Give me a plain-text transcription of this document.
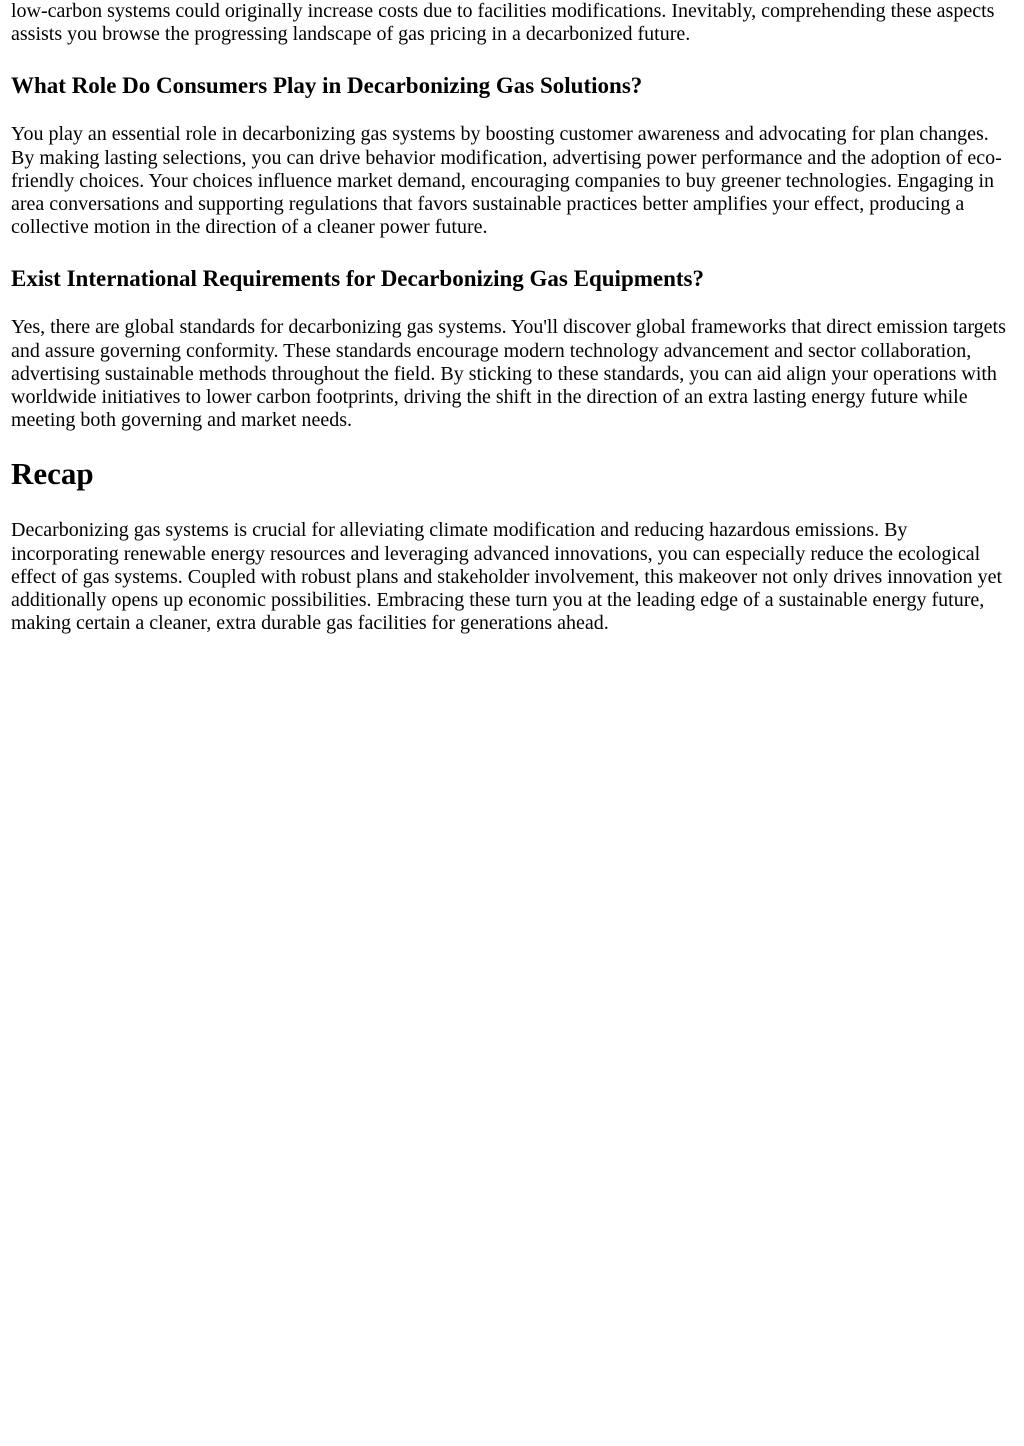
low-carbon systems could originally increase costs due to facilities modifications. Inevitably, comprehending these aspects assists you browse the progressing landscape of gas pricing in a decarbonized future.

What Role Do Consumers Play in Decarbonizing Gas Solutions?

You play an essential role in decarbonizing gas systems by boosting customer awareness and advocating for plan changes. By making lasting selections, you can drive behavior modification, advertising power performance and the adoption of eco-friendly choices. Your choices influence market demand, encouraging companies to buy greener technologies. Engaging in area conversations and supporting regulations that favors sustainable practices better amplifies your effect, producing a collective motion in the direction of a cleaner power future.

Exist International Requirements for Decarbonizing Gas Equipments?

Yes, there are global standards for decarbonizing gas systems. You'll discover global frameworks that direct emission targets and assure governing conformity. These standards encourage modern technology advancement and sector collaboration, advertising sustainable methods throughout the field. By sticking to these standards, you can aid align your operations with worldwide initiatives to lower carbon footprints, driving the shift in the direction of an extra lasting energy future while meeting both governing and market needs.

Recap

Decarbonizing gas systems is crucial for alleviating climate modification and reducing hazardous emissions. By incorporating renewable energy resources and leveraging advanced innovations, you can especially reduce the ecological effect of gas systems. Coupled with robust plans and stakeholder involvement, this makeover not only drives innovation yet additionally opens up economic possibilities. Embracing these turn you at the leading edge of a sustainable energy future, making certain a cleaner, extra durable gas facilities for generations ahead.
